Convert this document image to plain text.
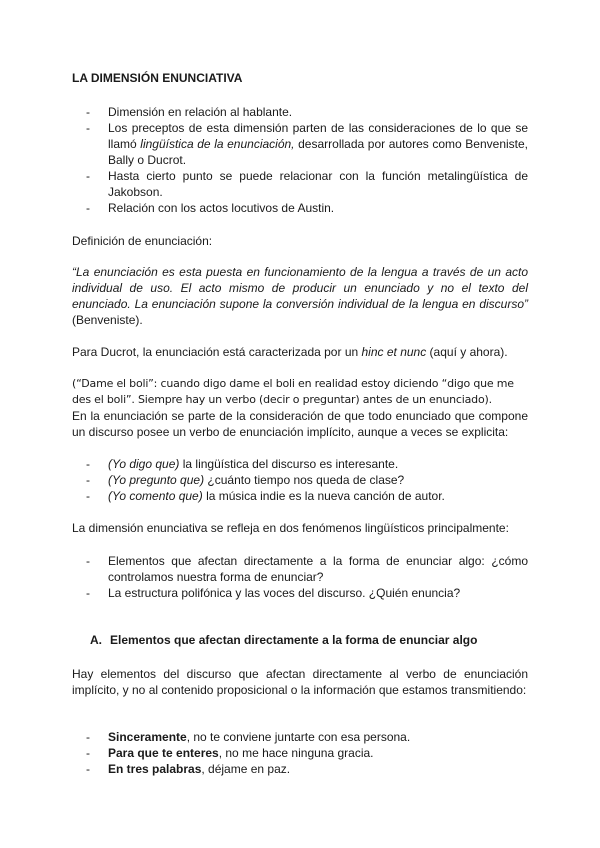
LA DIMENSIÓN ENUNCIATIVA
- Dimensión en relación al hablante.
- Los preceptos de esta dimensión parten de las consideraciones de lo que se llamó lingüística de la enunciación, desarrollada por autores como Benveniste, Bally o Ducrot.
- Hasta cierto punto se puede relacionar con la función metalingüística de Jakobson.
- Relación con los actos locutivos de Austin.
Definición de enunciación:
“La enunciación es esta puesta en funcionamiento de la lengua a través de un acto individual de uso. El acto mismo de producir un enunciado y no el texto del enunciado. La enunciación supone la conversión individual de la lengua en discurso” (Benveniste).
Para Ducrot, la enunciación está caracterizada por un hinc et nunc (aquí y ahora).
(“Dame el boli”: cuando digo dame el boli en realidad estoy diciendo “digo que me des el boli”. Siempre hay un verbo (decir o preguntar) antes de un enunciado).
En la enunciación se parte de la consideración de que todo enunciado que compone un discurso posee un verbo de enunciación implícito, aunque a veces se explicita:
- (Yo digo que) la lingüística del discurso es interesante.
- (Yo pregunto que) ¿cuánto tiempo nos queda de clase?
- (Yo comento que) la música indie es la nueva canción de autor.
La dimensión enunciativa se refleja en dos fenómenos lingüísticos principalmente:
- Elementos que afectan directamente a la forma de enunciar algo: ¿cómo controlamos nuestra forma de enunciar?
- La estructura polifónica y las voces del discurso. ¿Quién enuncia?
A. Elementos que afectan directamente a la forma de enunciar algo
Hay elementos del discurso que afectan directamente al verbo de enunciación implícito, y no al contenido proposicional o la información que estamos transmitiendo:
- Sinceramente, no te conviene juntarte con esa persona.
- Para que te enteres, no me hace ninguna gracia.
- En tres palabras, déjame en paz.
